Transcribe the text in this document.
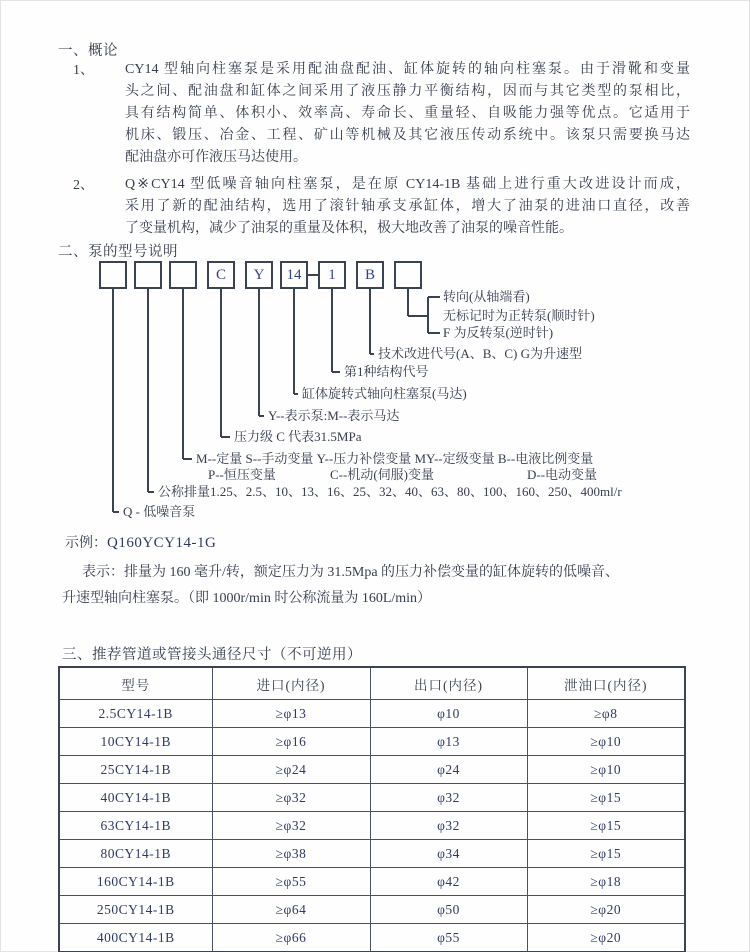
一、概论
1、 CY14 型轴向柱塞泵是采用配油盘配油、缸体旋转的轴向柱塞泵。由于滑靴和变量
头之间、配油盘和缸体之间采用了液压静力平衡结构，因而与其它类型的泵相比，
具有结构简单、体积小、效率高、寿命长、重量轻、自吸能力强等优点。它适用于
机床、锻压、冶金、工程、矿山等机械及其它液压传动系统中。该泵只需要换马达
配油盘亦可作液压马达使用。
2、 Q※CY14 型低噪音轴向柱塞泵，是在原 CY14-1B 基础上进行重大改进设计而成，
采用了新的配油结构，选用了滚针轴承支承缸体，增大了油泵的进油口直径，改善
了变量机构，减少了油泵的重量及体积，极大地改善了油泵的噪音性能。
二、泵的型号说明
C	Y	14	1	B
Q - 低噪音泵
公称排量1.25、2.5、10、13、16、25、32、40、63、80、100、160、250、400ml/r
M--定量 S--手动变量 Y--压力补偿变量 MY--定级变量 B--电液比例变量
P--恒压变量	C--机动(伺服)变量	D--电动变量
压力级 C 代表31.5MPa
Y--表示泵:M--表示马达
缸体旋转式轴向柱塞泵(马达)
第1种结构代号
技术改进代号(A、B、C) G为升速型
转向(从轴端看)
无标记时为正转泵(顺时针)
F 为反转泵(逆时针)
示例：Q160YCY14-1G
表示：排量为 160 毫升/转，额定压力为 31.5Mpa 的压力补偿变量的缸体旋转的低噪音、
升速型轴向柱塞泵。（即 1000r/min 时公称流量为 160L/min）
三、推荐管道或管接头通径尺寸（不可逆用）
型号	进口(内径)	出口(内径)	泄油口(内径)
2.5CY14-1B	≥φ13	φ10	≥φ8
10CY14-1B	≥φ16	φ13	≥φ10
25CY14-1B	≥φ24	φ24	≥φ10
40CY14-1B	≥φ32	φ32	≥φ15
63CY14-1B	≥φ32	φ32	≥φ15
80CY14-1B	≥φ38	φ34	≥φ15
160CY14-1B	≥φ55	φ42	≥φ18
250CY14-1B	≥φ64	φ50	≥φ20
400CY14-1B	≥φ66	φ55	≥φ20
